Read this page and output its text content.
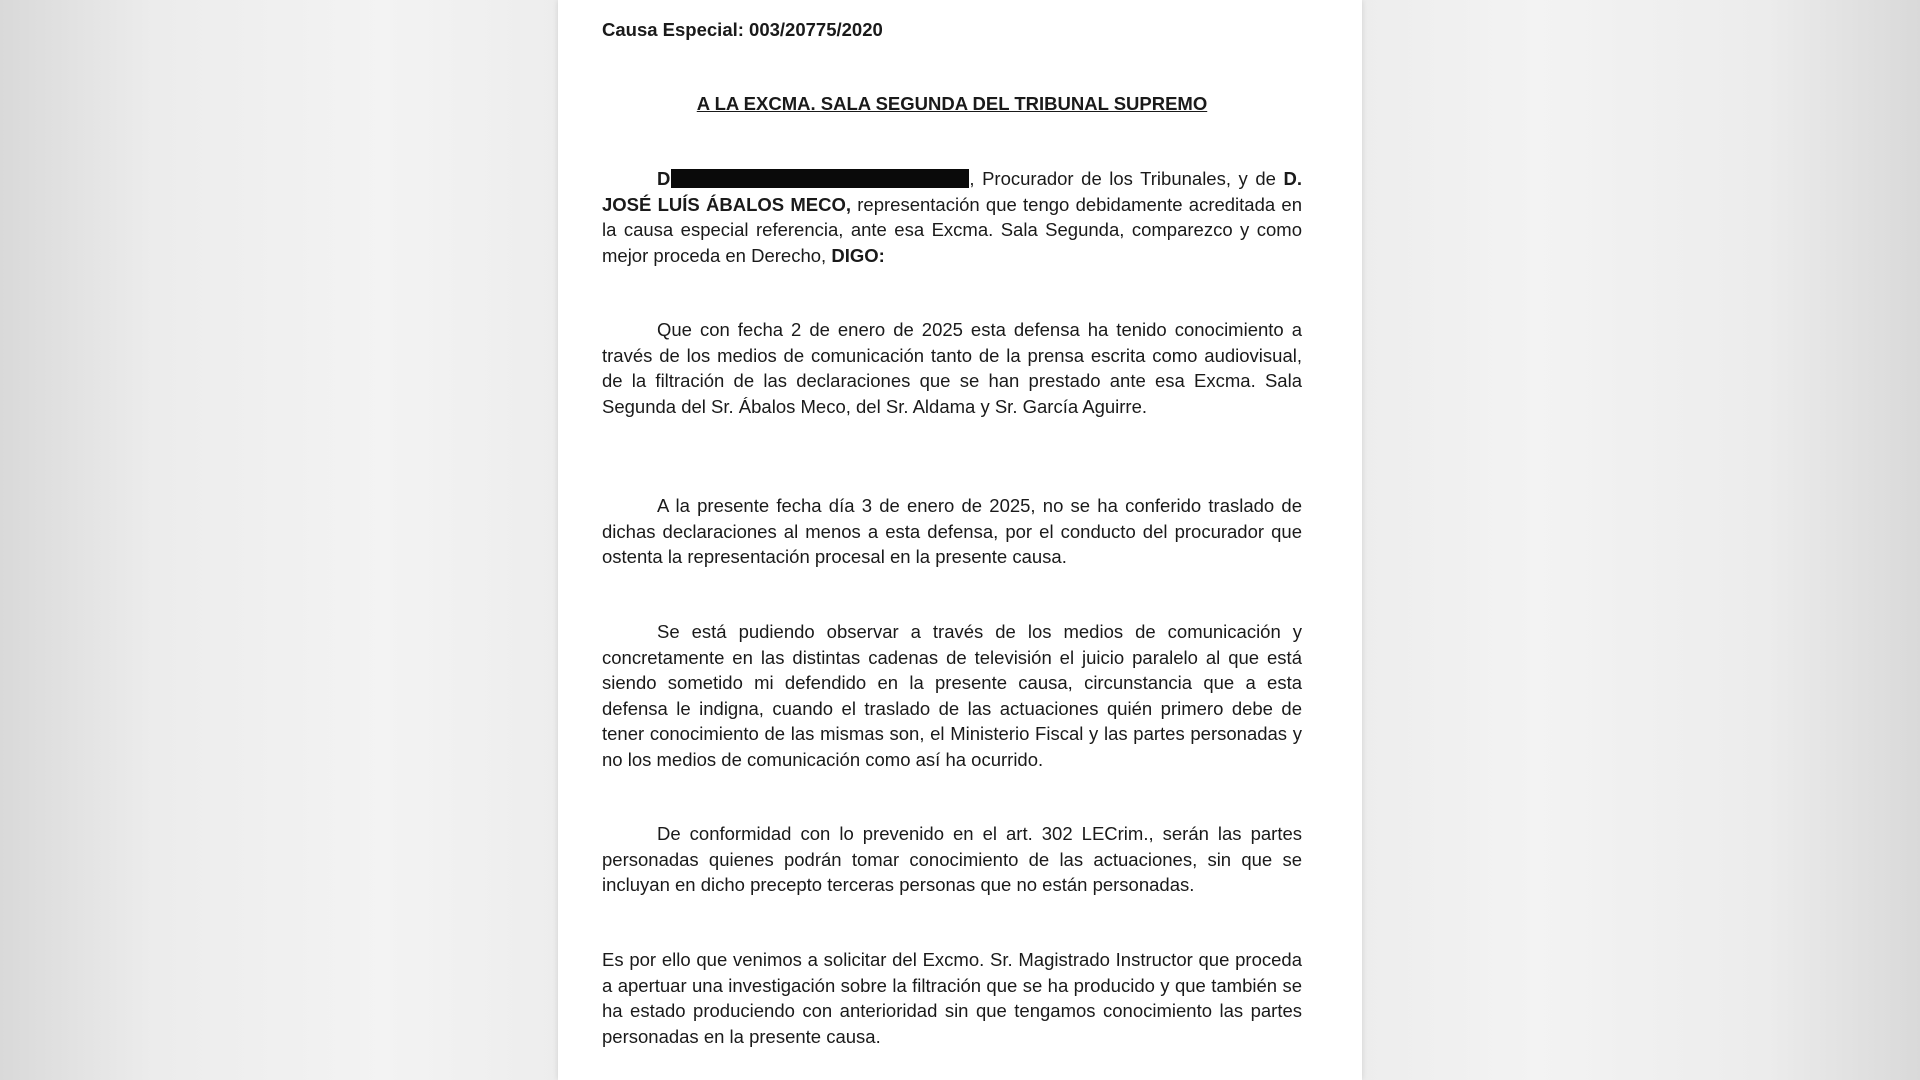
Causa Especial: 003/20775/2020
A LA EXCMA. SALA SEGUNDA DEL TRIBUNAL SUPREMO

D	, Procurador de los Tribunales, y de D. JOSÉ LUÍS ÁBALOS MECO, representación que tengo debidamente acreditada en la causa especial referencia, ante esa Excma. Sala Segunda, comparezco y como mejor proceda en Derecho, DIGO:

Que con fecha 2 de enero de 2025 esta defensa ha tenido conocimiento a través de los medios de comunicación tanto de la prensa escrita como audiovisual, de la filtración de las declaraciones que se han prestado ante esa Excma. Sala Segunda del Sr. Ábalos Meco, del Sr. Aldama y Sr. García Aguirre.

A la presente fecha día 3 de enero de 2025, no se ha conferido traslado de dichas declaraciones al menos a esta defensa, por el conducto del procurador que ostenta la representación procesal en la presente causa.

Se está pudiendo observar a través de los medios de comunicación y concretamente en las distintas cadenas de televisión el juicio paralelo al que está siendo sometido mi defendido en la presente causa, circunstancia que a esta defensa le indigna, cuando el traslado de las actuaciones quién primero debe de tener conocimiento de las mismas son, el Ministerio Fiscal y las partes personadas y no los medios de comunicación como así ha ocurrido.

De conformidad con lo prevenido en el art. 302 LECrim., serán las partes personadas quienes podrán tomar conocimiento de las actuaciones, sin que se incluyan en dicho precepto terceras personas que no están personadas.

Es por ello que venimos a solicitar del Excmo. Sr. Magistrado Instructor que proceda a apertuar una investigación sobre la filtración que se ha producido y que también se ha estado produciendo con anterioridad sin que tengamos conocimiento las partes personadas en la presente causa.
